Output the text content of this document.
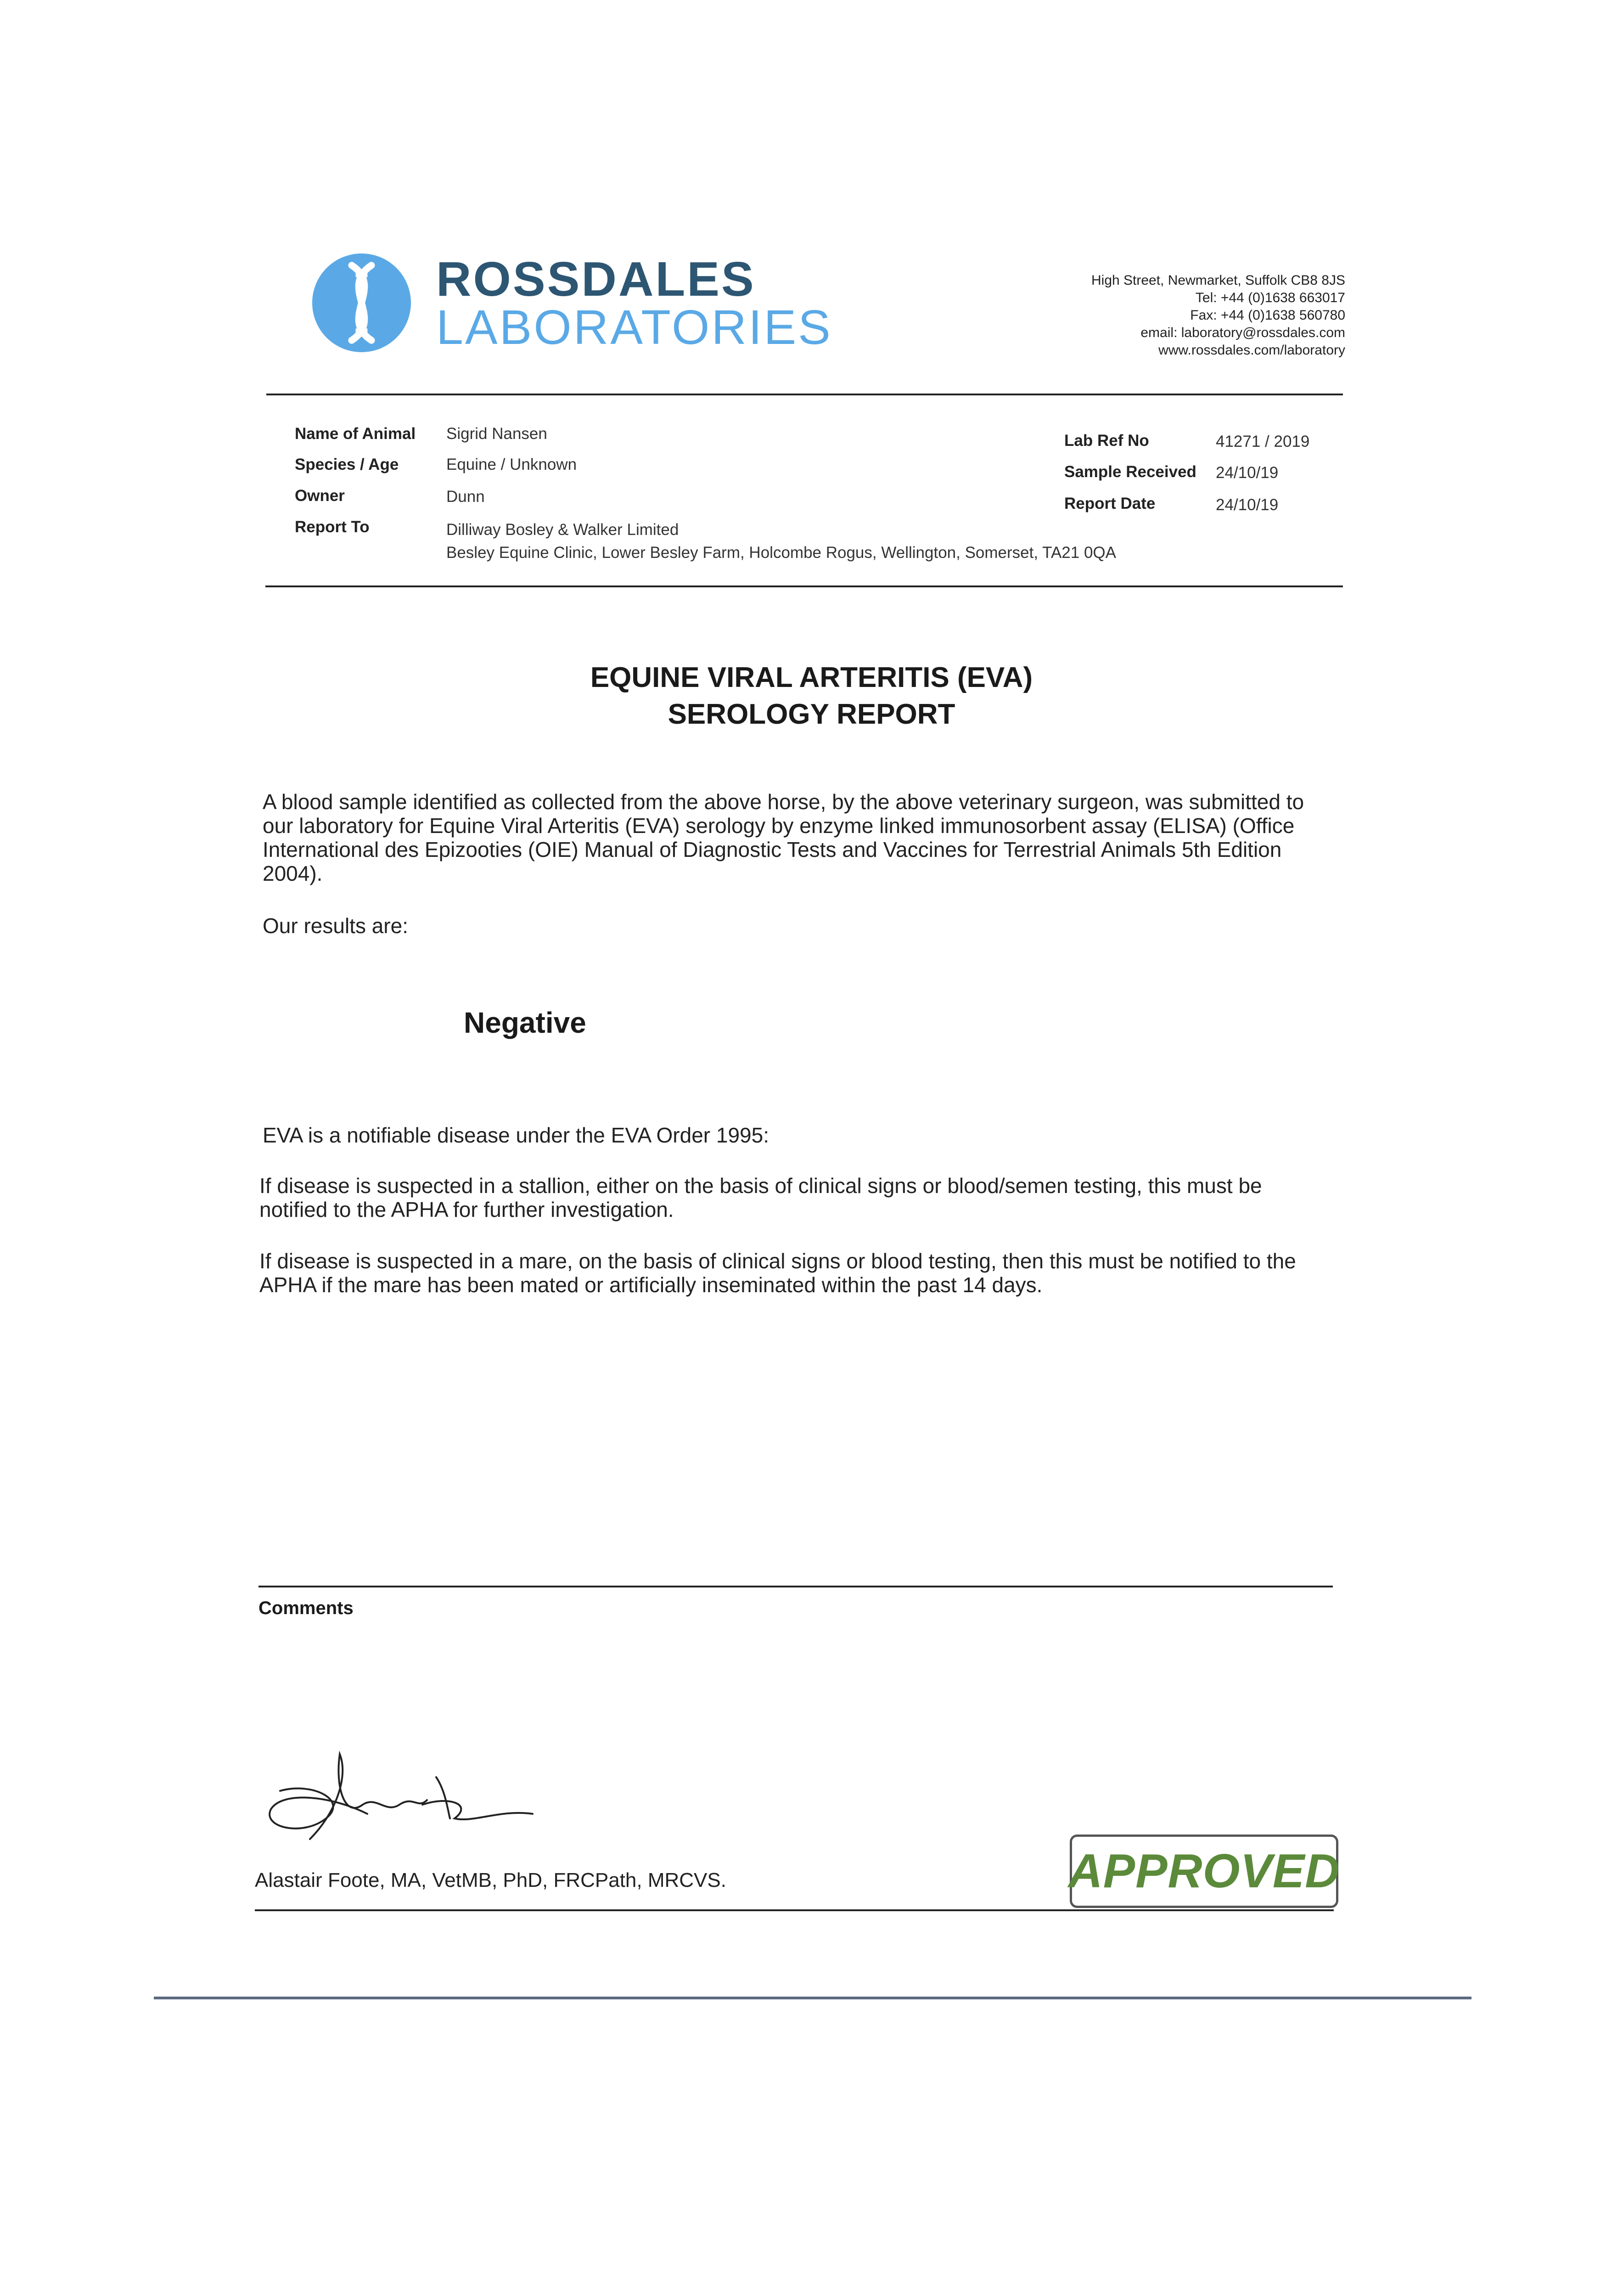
ROSSDALES
LABORATORIES
High Street, Newmarket, Suffolk CB8 8JS
Tel: +44 (0)1638 663017
Fax: +44 (0)1638 560780
email: laboratory@rossdales.com
www.rossdales.com/laboratory
Name of Animal Sigrid Nansen
Species / Age	Equine / Unknown
Owner	Dunn
Report To	Dilliway Bosley & Walker Limited
Besley Equine Clinic, Lower Besley Farm, Holcombe Rogus, Wellington, Somerset, TA21 0QA
Lab Ref No	41271 / 2019
Sample Received 24/10/19
Report Date	24/10/19
EQUINE VIRAL ARTERITIS (EVA)
SEROLOGY REPORT
A blood sample identified as collected from the above horse, by the above veterinary surgeon, was submitted to our laboratory for Equine Viral Arteritis (EVA) serology by enzyme linked immunosorbent assay (ELISA) (Office International des Epizooties (OIE) Manual of Diagnostic Tests and Vaccines for Terrestrial Animals 5th Edition 2004).
Our results are:
Negative
EVA is a notifiable disease under the EVA Order 1995:
If disease is suspected in a stallion, either on the basis of clinical signs or blood/semen testing, this must be notified to the APHA for further investigation.
If disease is suspected in a mare, on the basis of clinical signs or blood testing, then this must be notified to the APHA if the mare has been mated or artificially inseminated within the past 14 days.
Comments
Alastair Foote, MA, VetMB, PhD, FRCPath, MRCVS.	APPROVED
